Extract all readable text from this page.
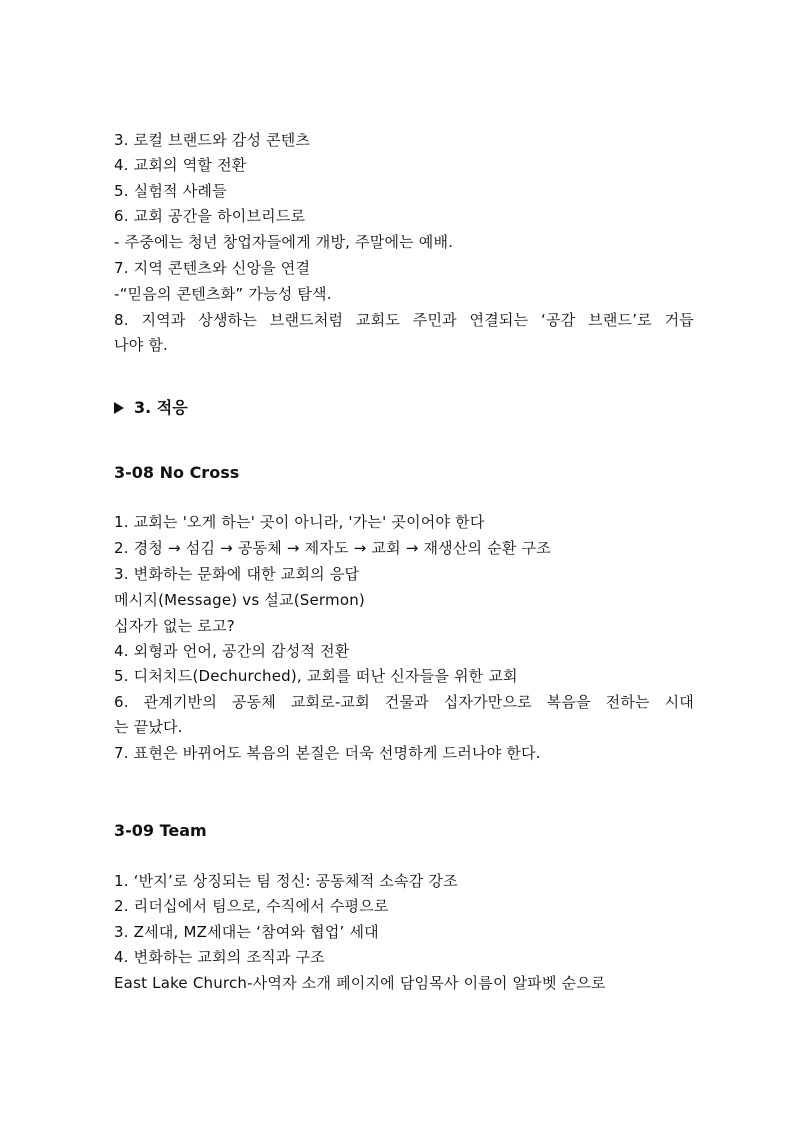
3. 로컬 브랜드와 감성 콘텐츠
4. 교회의 역할 전환
5. 실험적 사례들
6. 교회 공간을 하이브리드로
- 주중에는 청년 창업자들에게 개방, 주말에는 예배.
7. 지역 콘텐츠와 신앙을 연결
-“믿음의 콘텐츠화” 가능성 탐색.
8. 지역과 상생하는 브랜드처럼 교회도 주민과 연결되는 ‘공감 브랜드’로 거듭
나야 함.
3. 적응
3-08 No Cross
1. 교회는 '오게 하는' 곳이 아니라, '가는' 곳이어야 한다
2. 경청 → 섬김 → 공동체 → 제자도 → 교회 → 재생산의 순환 구조
3. 변화하는 문화에 대한 교회의 응답
메시지(Message) vs 설교(Sermon)
십자가 없는 로고?
4. 외형과 언어, 공간의 감성적 전환
5. 디처치드(Dechurched), 교회를 떠난 신자들을 위한 교회
6. 관계기반의 공동체 교회로-교회 건물과 십자가만으로 복음을 전하는 시대
는 끝났다.
7. 표현은 바뀌어도 복음의 본질은 더욱 선명하게 드러나야 한다.
3-09 Team
1. ‘반지’로 상징되는 팀 정신: 공동체적 소속감 강조
2. 리더십에서 팀으로, 수직에서 수평으로
3. Z세대, MZ세대는 ‘참여와 협업’ 세대
4. 변화하는 교회의 조직과 구조
East Lake Church-사역자 소개 페이지에 담임목사 이름이 알파벳 순으로
